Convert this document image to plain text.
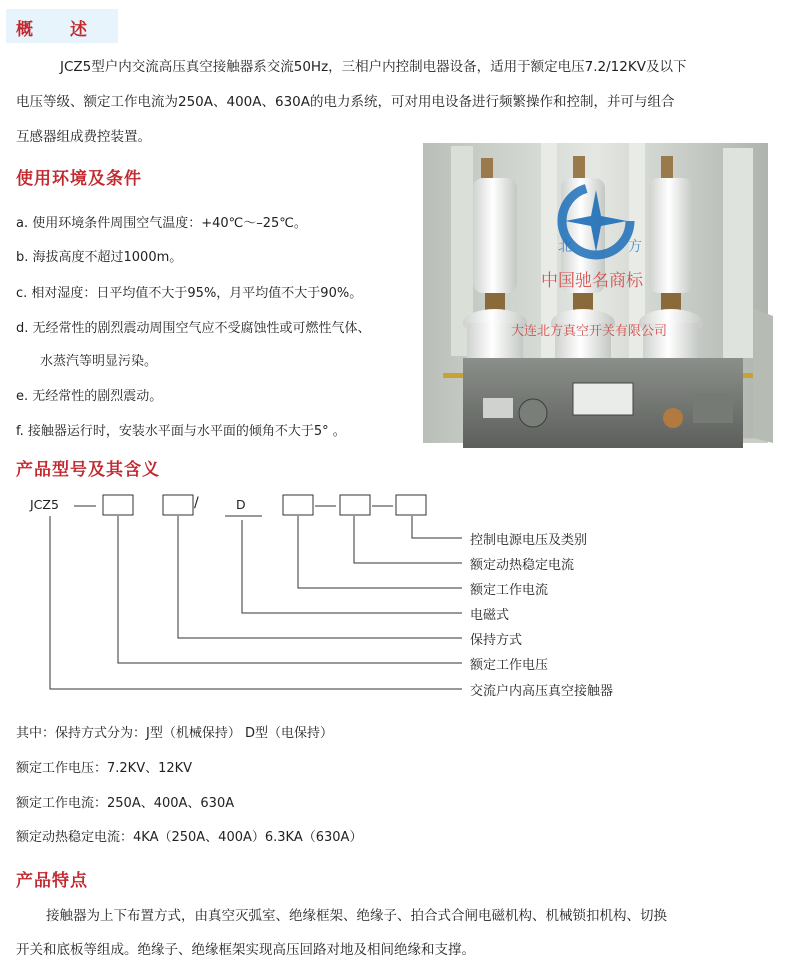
概　　述
JCZ5型户内交流高压真空接触器系交流50Hz，三相户内控制电器设备，适用于额定电压7.2/12KV及以下
电压等级、额定工作电流为250A、400A、630A的电力系统，可对用电设备进行频繁操作和控制，并可与组合
互感器组成费控装置。
使用环境及条件
a. 使用环境条件周围空气温度：+40℃～–25℃。
b. 海拔高度不超过1000m。
c. 相对湿度：日平均值不大于95%，月平均值不大于90%。
d. 无经常性的剧烈震动周围空气应不受腐蚀性或可燃性气体、
水蒸汽等明显污染。
e. 无经常性的剧烈震动。
f. 接触器运行时，安装水平面与水平面的倾角不大于5° 。
北	方
中国驰名商标
大连北方真空开关有限公司
产品型号及其含义
JCZ5	/	D
控制电源电压及类别
额定动热稳定电流
额定工作电流
电磁式
保持方式
额定工作电压
交流户内高压真空接触器
其中：保持方式分为：J型（机械保持） D型（电保持）
额定工作电压：7.2KV、12KV
额定工作电流：250A、400A、630A
额定动热稳定电流：4KA（250A、400A）6.3KA（630A）
产品特点
接触器为上下布置方式，由真空灭弧室、绝缘框架、绝缘子、拍合式合闸电磁机构、机械锁扣机构、切换
开关和底板等组成。绝缘子、绝缘框架实现高压回路对地及相间绝缘和支撑。
